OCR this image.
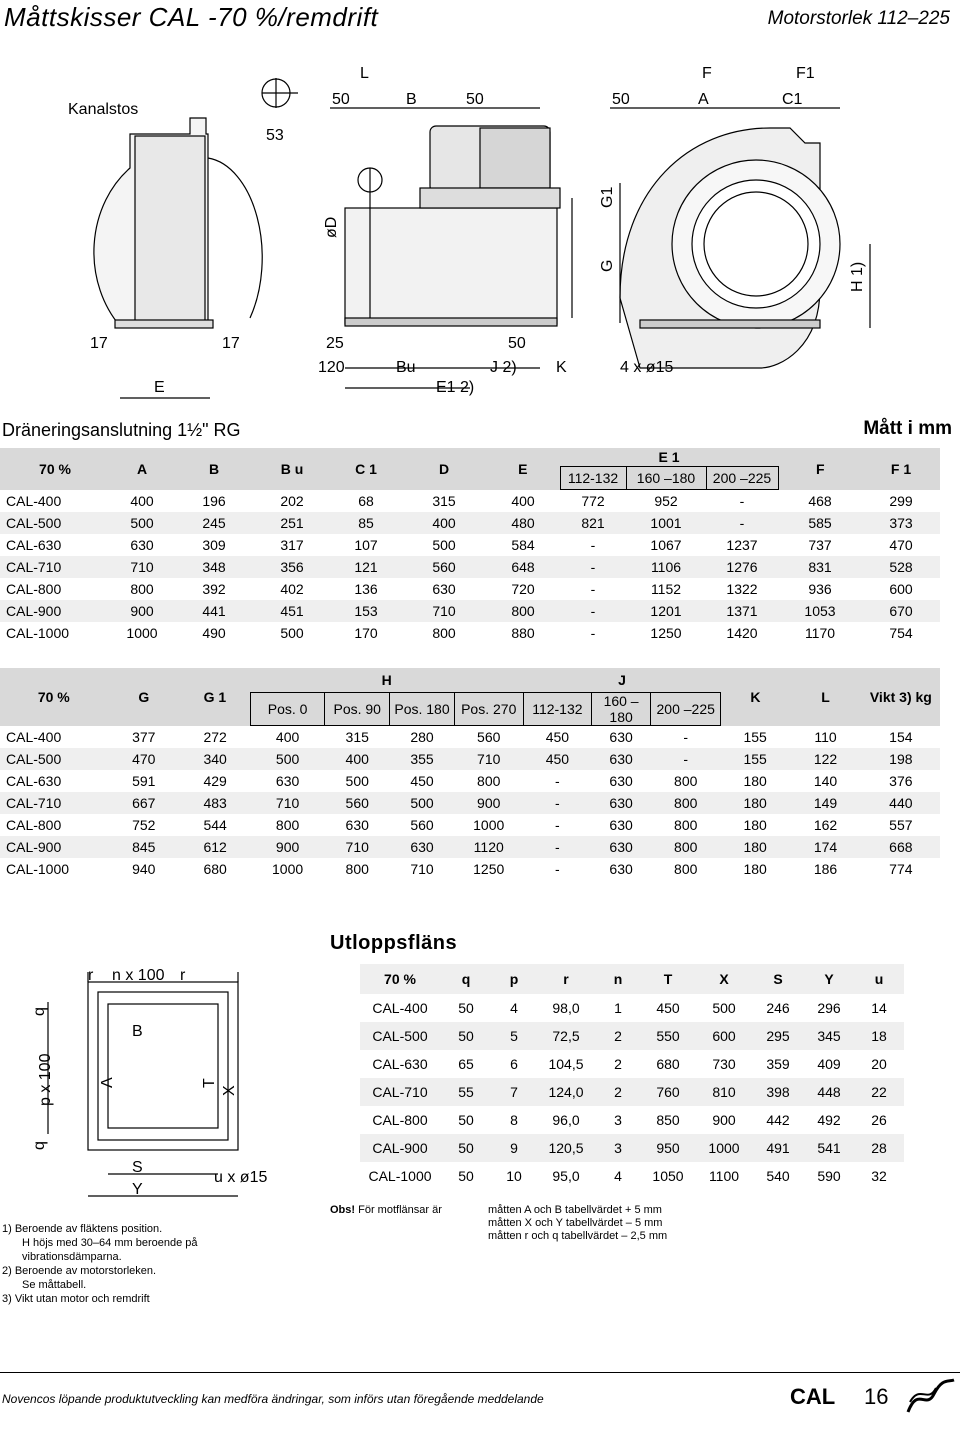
Måttskisser CAL -70 %/remdrift	Motorstorlek 112–225
Kanalstos
53
L
50	B	50
F	F1
50	A	C1
øD
G1
G	H 1)
17	17	25	50
120	Bu	J 2) K	4 x ø15
E	E1 2)
Dräneringsanslutning 1½" RG	Mått i mm
70 %	A	B	B u	C 1	D	E	E 1			F	F 1
							112-132	160 –180	200 –225		
CAL-400	400	196	202	68	315	400	772	952	-	468	299
CAL-500	500	245	251	85	400	480	821	1001	-	585	373
CAL-630	630	309	317	107	500	584	-	1067	1237	737	470
CAL-710	710	348	356	121	560	648	-	1106	1276	831	528
CAL-800	800	392	402	136	630	720	-	1152	1322	936	600
CAL-900	900	441	451	153	710	800	-	1201	1371	1053	670
CAL-1000	1000	490	500	170	800	880	-	1250	1420	1170	754
70 %	G	G 1	H				J			K	L	Vikt 3) kg
			Pos. 0	Pos. 90	Pos. 180	Pos. 270	112-132	160 –180	200 –225			
CAL-400	377	272	400	315	280	560	450	630	-	155	110	154
CAL-500	470	340	500	400	355	710	450	630	-	155	122	198
CAL-630	591	429	630	500	450	800	-	630	800	180	140	376
CAL-710	667	483	710	560	500	900	-	630	800	180	149	440
CAL-800	752	544	800	630	560	1000	-	630	800	180	162	557
CAL-900	845	612	900	710	630	1120	-	630	800	180	174	668
CAL-1000	940	680	1000	800	710	1250	-	630	800	180	186	774
Utloppsfläns
r n x 100 r
q
p x 100
q
B
A	T
X
S
Y
u x ø15
70 %	q	p	r	n	T	X	S	Y	u
CAL-400	50	4	98,0	1	450	500	246	296	14
CAL-500	50	5	72,5	2	550	600	295	345	18
CAL-630	65	6	104,5	2	680	730	359	409	20
CAL-710	55	7	124,0	2	760	810	398	448	22
CAL-800	50	8	96,0	3	850	900	442	492	26
CAL-900	50	9	120,5	3	950	1000	491	541	28
CAL-1000	50	10	95,0	4	1050	1100	540	590	32
1) Beroende av fläktens position.
H höjs med 30–64 mm beroende på
vibrationsdämparna.
2) Beroende av motorstorleken.
Se måttabell.
3) Vikt utan motor och remdrift
Obs! För motflänsar är	måtten A och B tabellvärdet + 5 mm
måtten X och Y tabellvärdet – 5 mm
måtten r och q tabellvärdet – 2,5 mm
Novencos löpande produktutveckling kan medföra ändringar, som införs utan föregående meddelande	CAL 16
